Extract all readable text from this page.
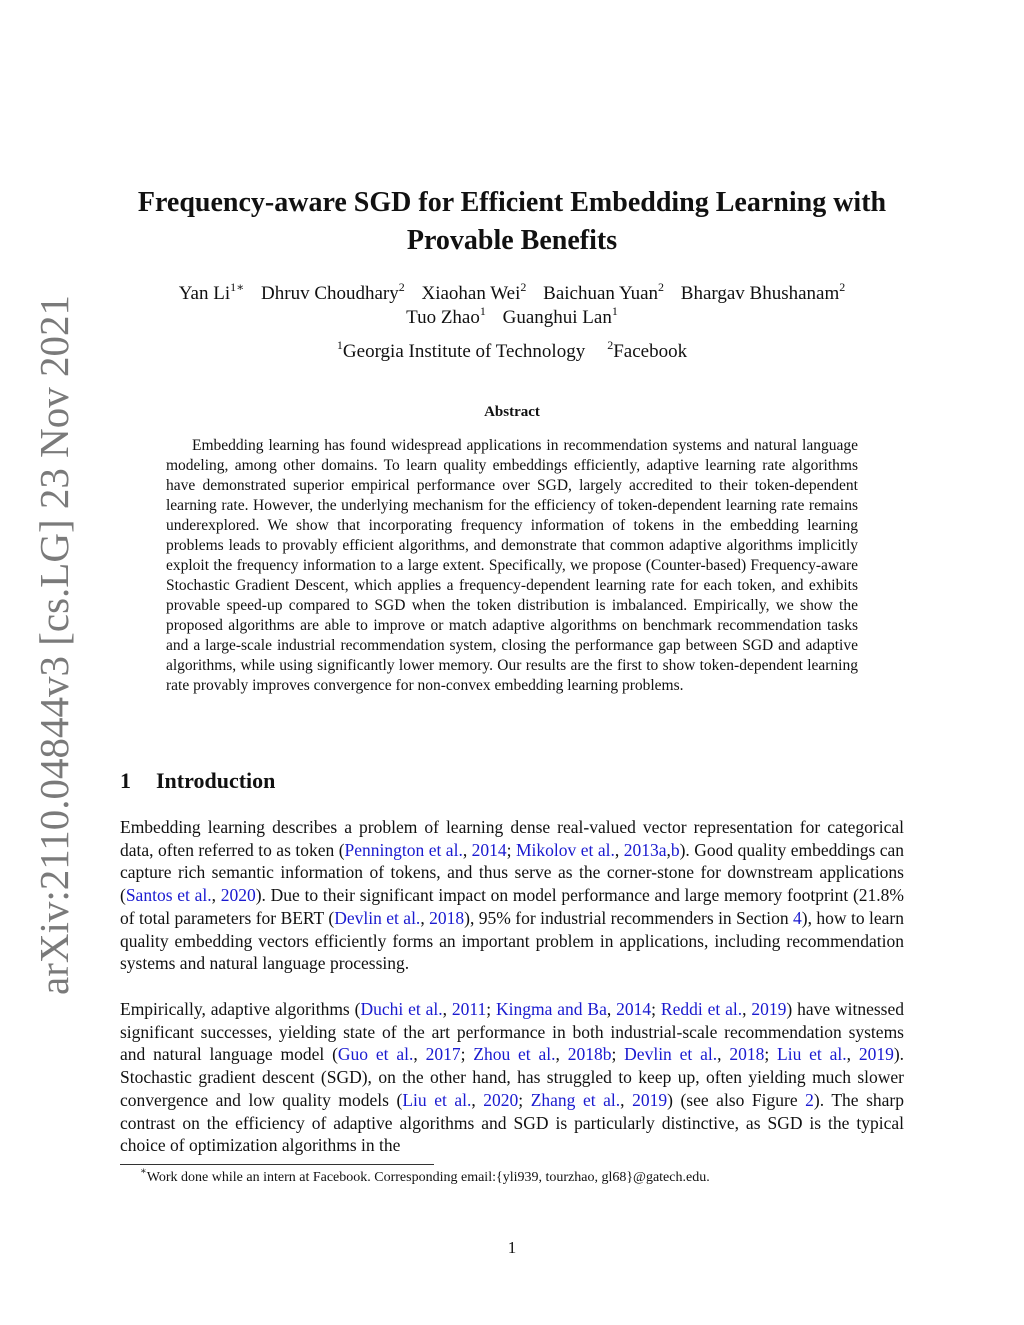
arXiv:2110.04844v3 [cs.LG] 23 Nov 2021
Frequency-aware SGD for Efficient Embedding Learning with Provable Benefits
Yan $Li^{1∗}$ Dhruv Choudhary$^2$ Xiaohan Wei$^2$ Baichuan Yuan$^2$ Bhargav Bhushanam$^2$
Tuo Zhao$^1$ Guanghui Lan$^1$
$^1$Georgia Institute of Technology $^2$Facebook
Abstract

Embedding learning has found widespread applications in recommendation systems and natural language modeling, among other domains. To learn quality embeddings efficiently, adaptive learning rate algorithms have demonstrated superior empirical performance over SGD, largely accredited to their token-dependent learning rate. However, the underlying mechanism for the efficiency of token-dependent learning rate remains underexplored. We show that incorporating frequency information of tokens in the embedding learning problems leads to provably efficient algorithms, and demonstrate that common adaptive algorithms implicitly exploit the frequency information to a large extent. Specifically, we propose (Counter-based) Frequency-aware Stochastic Gradient Descent, which applies a frequency-dependent learning rate for each token, and exhibits provable speed-up compared to SGD when the token distribution is imbalanced. Empirically, we show the proposed algorithms are able to improve or match adaptive algorithms on benchmark recommendation tasks and a large-scale industrial recommendation system, closing the performance gap between SGD and adaptive algorithms, while using significantly lower memory. Our results are the first to show token-dependent learning rate provably improves convergence for non-convex embedding learning problems.

1 Introduction

Embedding learning describes a problem of learning dense real-valued vector representation for categorical data, often referred to as token (Pennington et al., 2014; Mikolov et al., 2013a,b). Good quality embeddings can capture rich semantic information of tokens, and thus serve as the corner-stone for downstream applications (Santos et al., 2020). Due to their significant impact on model performance and large memory footprint (21.8% of total parameters for BERT (Devlin et al., 2018), 95% for industrial recommenders in Section 4), how to learn quality embedding vectors efficiently forms an important problem in applications, including recommendation systems and natural language processing.

Empirically, adaptive algorithms (Duchi et al., 2011; Kingma and Ba, 2014; Reddi et al., 2019) have witnessed significant successes, yielding state of the art performance in both industrial-scale recommendation systems and natural language model (Guo et al., 2017; Zhou et al., 2018b; Devlin et al., 2018; Liu et al., 2019). Stochastic gradient descent (SGD), on the other hand, has struggled to keep up, often yielding much slower convergence and low quality models (Liu et al., 2020; Zhang et al., 2019) (see also Figure 2). The sharp contrast on the efficiency of adaptive algorithms and SGD is particularly distinctive, as SGD is the typical choice of optimization algorithms in the

∗Work done while an intern at Facebook. Corresponding email:{yli939, tourzhao, gl68}@gatech.edu.

1
